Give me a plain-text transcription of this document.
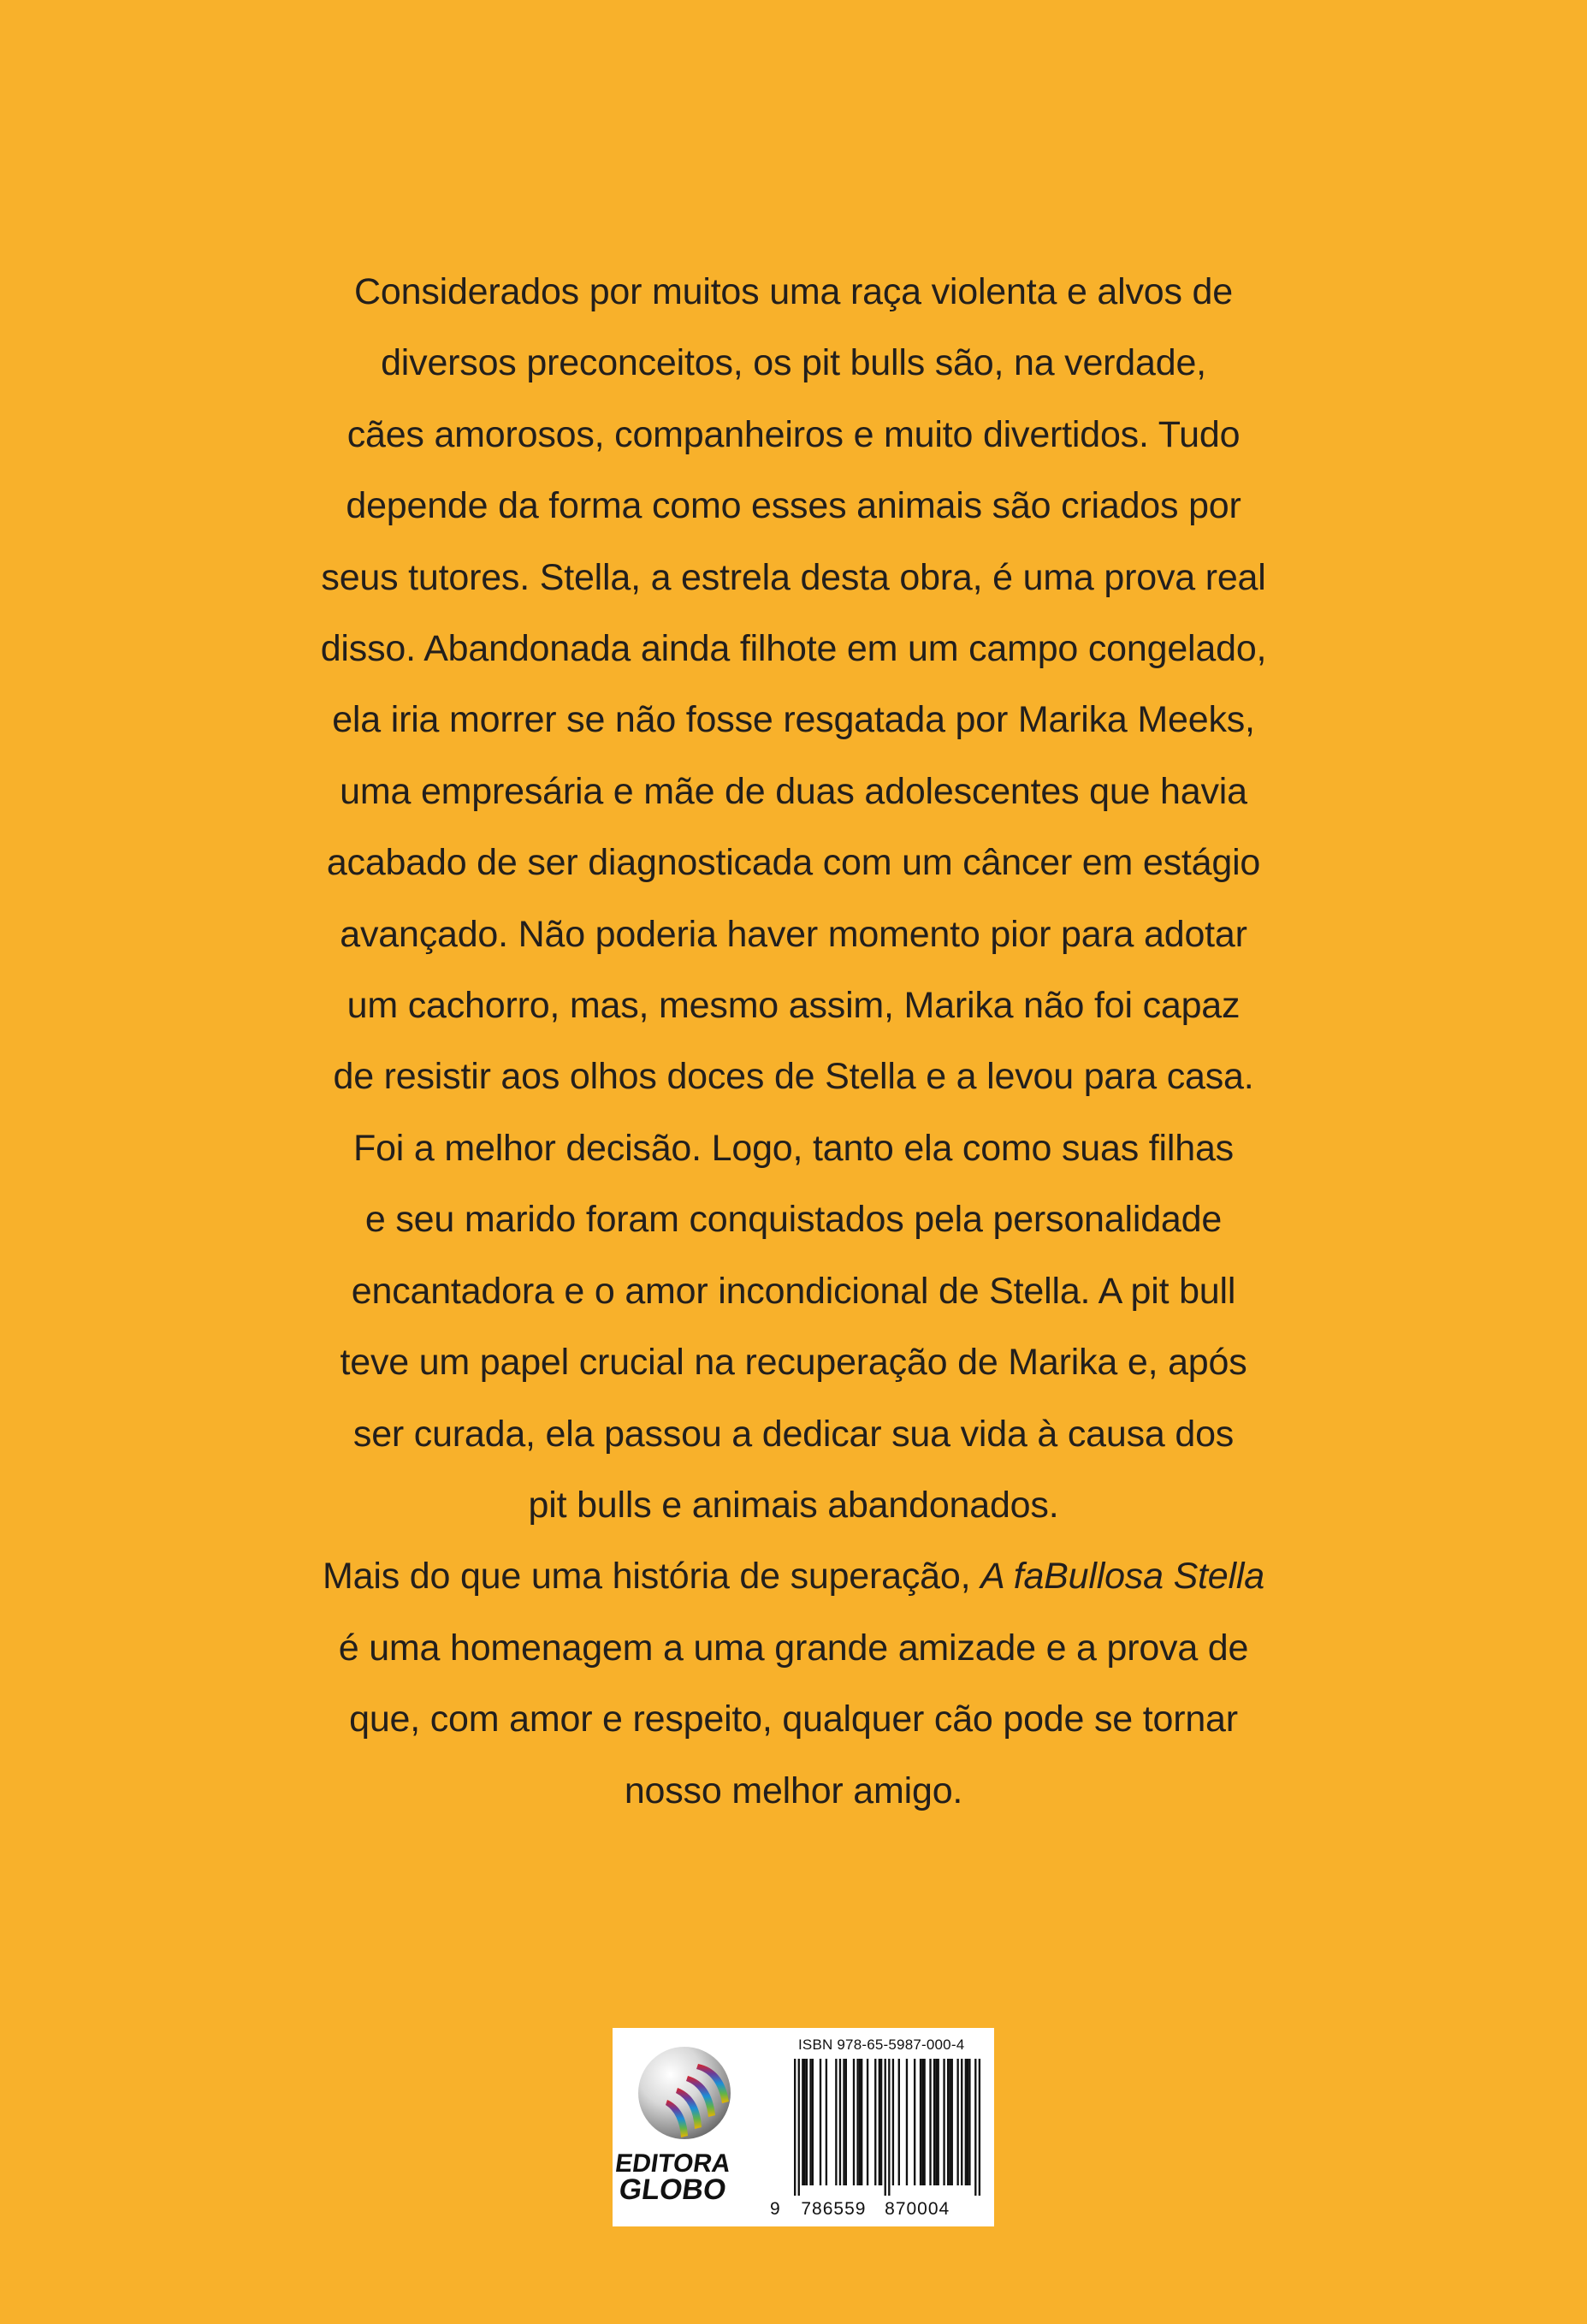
Considerados por muitos uma raça violenta e alvos de
diversos preconceitos, os pit bulls são, na verdade,
cães amorosos, companheiros e muito divertidos. Tudo
depende da forma como esses animais são criados por
seus tutores. Stella, a estrela desta obra, é uma prova real
disso. Abandonada ainda filhote em um campo congelado,
ela iria morrer se não fosse resgatada por Marika Meeks,
uma empresária e mãe de duas adolescentes que havia
acabado de ser diagnosticada com um câncer em estágio
avançado. Não poderia haver momento pior para adotar
um cachorro, mas, mesmo assim, Marika não foi capaz
de resistir aos olhos doces de Stella e a levou para casa.
Foi a melhor decisão. Logo, tanto ela como suas filhas
e seu marido foram conquistados pela personalidade
encantadora e o amor incondicional de Stella. A pit bull
teve um papel crucial na recuperação de Marika e, após
ser curada, ela passou a dedicar sua vida à causa dos
pit bulls e animais abandonados.
Mais do que uma história de superação, A faBullosa Stella
é uma homenagem a uma grande amizade e a prova de
que, com amor e respeito, qualquer cão pode se tornar
nosso melhor amigo.
EDITORA
GLOBO
ISBN 978-65-5987-000-4
9 786559 870004
